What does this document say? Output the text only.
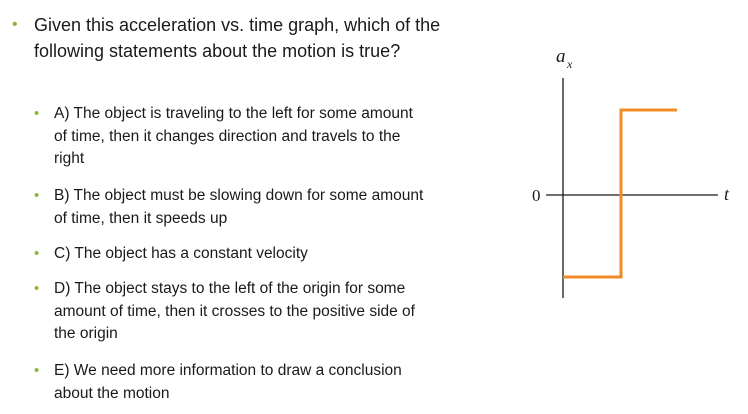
• Given this acceleration vs. time graph, which of the following statements about the motion is true?

• A) The object is traveling to the left for some amount of time, then it changes direction and travels to the right

• B) The object must be slowing down for some amount of time, then it speeds up

• C) The object has a constant velocity

• D) The object stays to the left of the origin for some amount of time, then it crosses to the positive side of the origin

• E) We need more information to draw a conclusion about the motion

a x
0	t
